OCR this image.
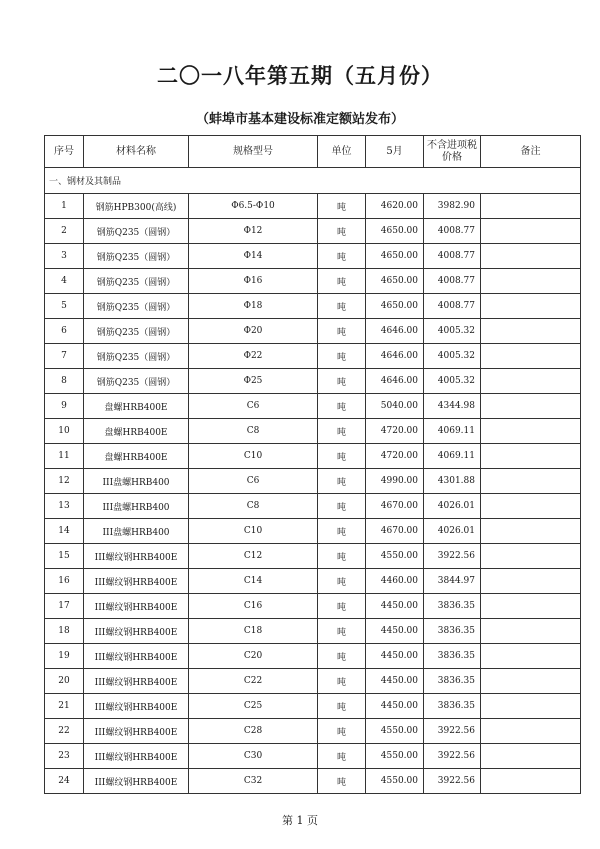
二〇一八年第五期（五月份）
（蚌埠市基本建设标准定额站发布）
序号	材料名称	规格型号	单位	5月	不含进项税价格	备注
一、钢材及其制品						
1	钢筋HPB300(高线)	Φ6.5-Φ10	吨	4620.00	3982.90	
2	钢筋Q235（圆钢）	Φ12	吨	4650.00	4008.77	
3	钢筋Q235（圆钢）	Φ14	吨	4650.00	4008.77	
4	钢筋Q235（圆钢）	Φ16	吨	4650.00	4008.77	
5	钢筋Q235（圆钢）	Φ18	吨	4650.00	4008.77	
6	钢筋Q235（圆钢）	Φ20	吨	4646.00	4005.32	
7	钢筋Q235（圆钢）	Φ22	吨	4646.00	4005.32	
8	钢筋Q235（圆钢）	Φ25	吨	4646.00	4005.32	
9	盘螺HRB400E	C6	吨	5040.00	4344.98	
10	盘螺HRB400E	C8	吨	4720.00	4069.11	
11	盘螺HRB400E	C10	吨	4720.00	4069.11	
12	III盘螺HRB400	C6	吨	4990.00	4301.88	
13	III盘螺HRB400	C8	吨	4670.00	4026.01	
14	III盘螺HRB400	C10	吨	4670.00	4026.01	
15	III螺纹钢HRB400E	C12	吨	4550.00	3922.56	
16	III螺纹钢HRB400E	C14	吨	4460.00	3844.97	
17	III螺纹钢HRB400E	C16	吨	4450.00	3836.35	
18	III螺纹钢HRB400E	C18	吨	4450.00	3836.35	
19	III螺纹钢HRB400E	C20	吨	4450.00	3836.35	
20	III螺纹钢HRB400E	C22	吨	4450.00	3836.35	
21	III螺纹钢HRB400E	C25	吨	4450.00	3836.35	
22	III螺纹钢HRB400E	C28	吨	4550.00	3922.56	
23	III螺纹钢HRB400E	C30	吨	4550.00	3922.56	
24	III螺纹钢HRB400E	C32	吨	4550.00	3922.56	
第 1 页
